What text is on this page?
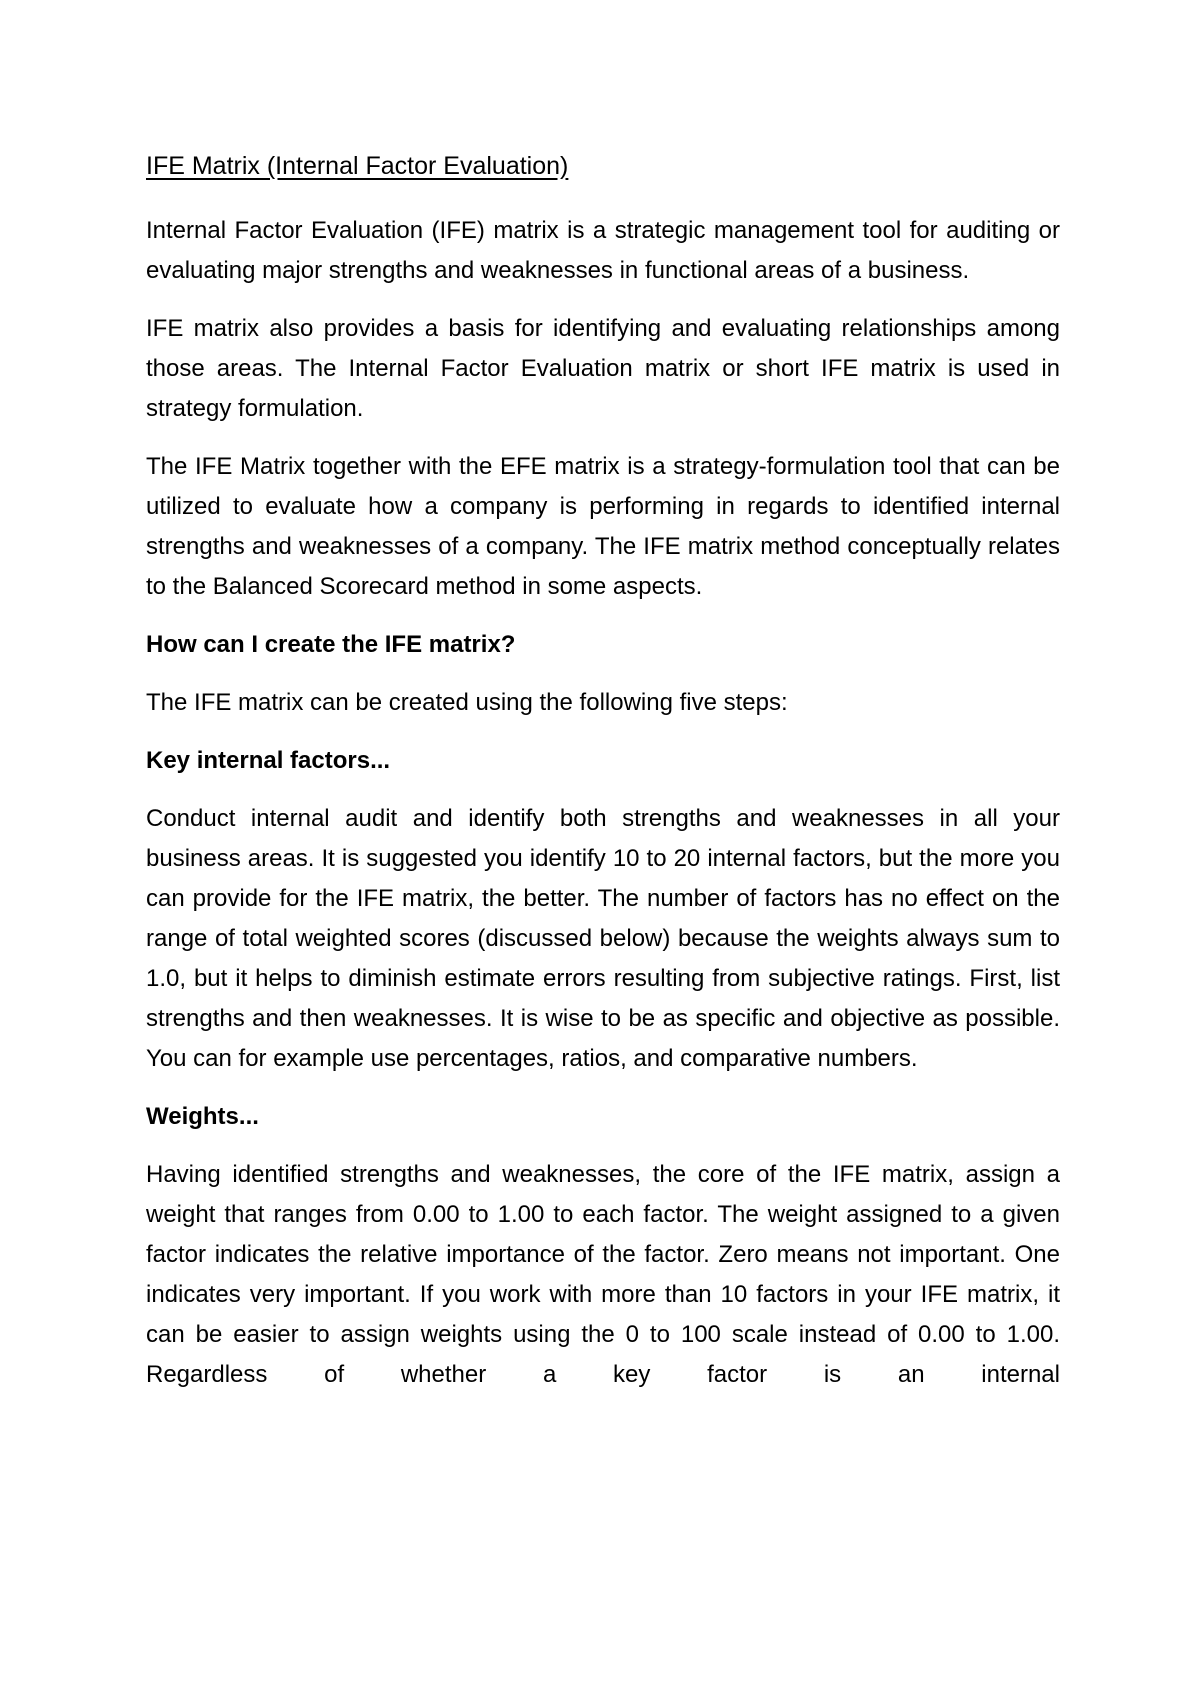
IFE Matrix (Internal Factor Evaluation)

Internal Factor Evaluation (IFE) matrix is a strategic management tool for auditing or evaluating major strengths and weaknesses in functional areas of a business.

IFE matrix also provides a basis for identifying and evaluating relationships among those areas. The Internal Factor Evaluation matrix or short IFE matrix is used in strategy formulation.

The IFE Matrix together with the EFE matrix is a strategy-formulation tool that can be utilized to evaluate how a company is performing in regards to identified internal strengths and weaknesses of a company. The IFE matrix method conceptually relates to the Balanced Scorecard method in some aspects.

How can I create the IFE matrix?

The IFE matrix can be created using the following five steps:

Key internal factors...

Conduct internal audit and identify both strengths and weaknesses in all your business areas. It is suggested you identify 10 to 20 internal factors, but the more you can provide for the IFE matrix, the better. The number of factors has no effect on the range of total weighted scores (discussed below) because the weights always sum to 1.0, but it helps to diminish estimate errors resulting from subjective ratings. First, list strengths and then weaknesses. It is wise to be as specific and objective as possible. You can for example use percentages, ratios, and comparative numbers.

Weights...

Having identified strengths and weaknesses, the core of the IFE matrix, assign a weight that ranges from 0.00 to 1.00 to each factor. The weight assigned to a given factor indicates the relative importance of the factor. Zero means not important. One indicates very important. If you work with more than 10 factors in your IFE matrix, it can be easier to assign weights using the 0 to 100 scale instead of 0.00 to 1.00. Regardless of whether a key factor is an internal
